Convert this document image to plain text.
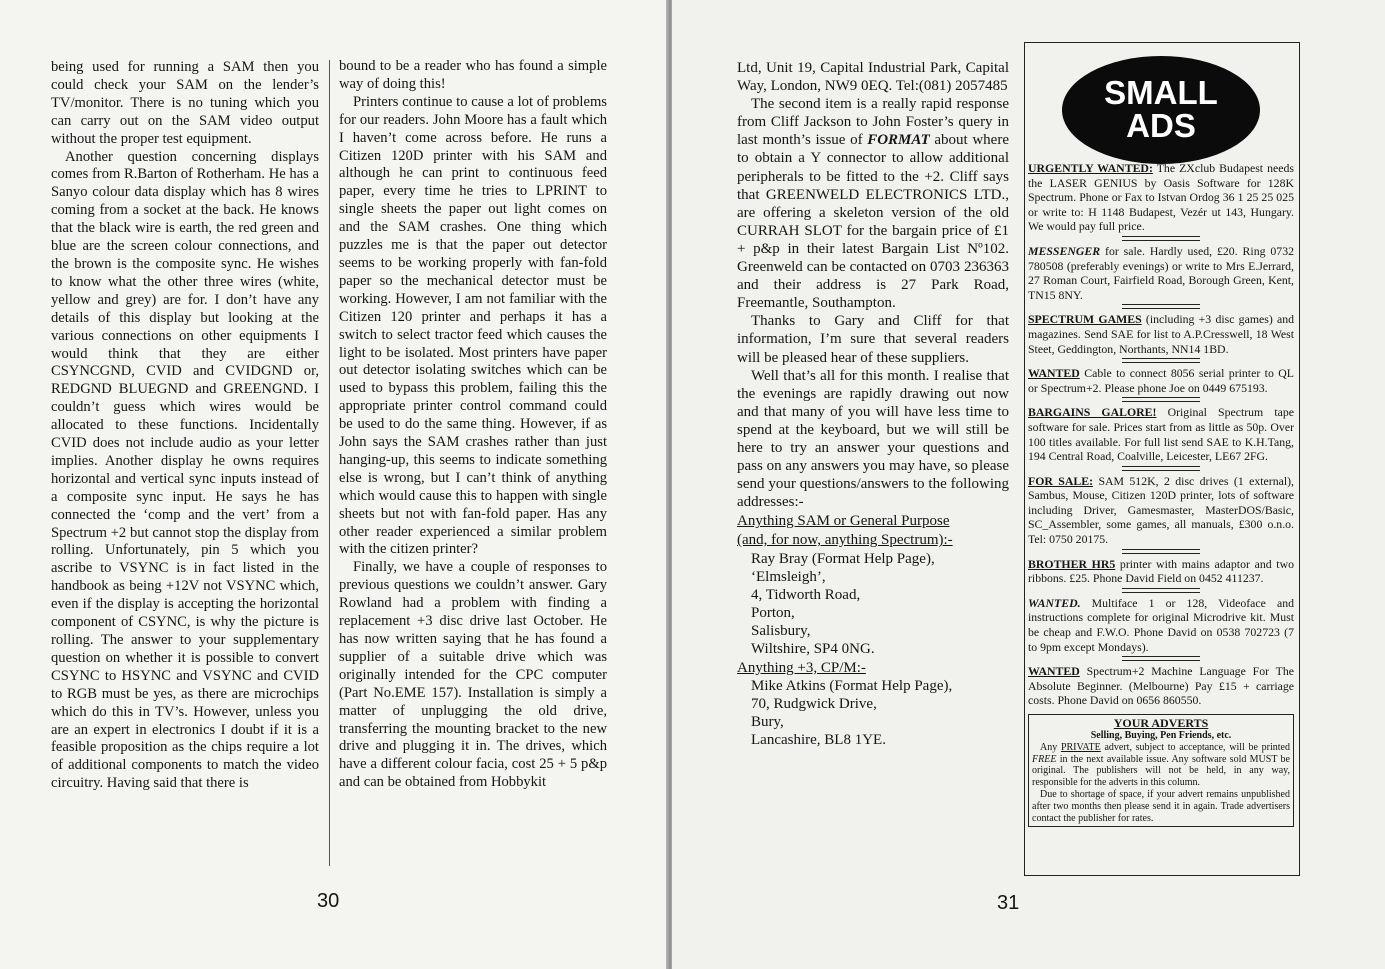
being used for running a SAM then you could check your SAM on the lender’s TV/monitor. There is no tuning which you can carry out on the SAM video output without the proper test equipment.

Another question concerning displays comes from R.Barton of Rotherham. He has a Sanyo colour data display which has 8 wires coming from a socket at the back. He knows that the black wire is earth, the red green and blue are the screen colour connections, and the brown is the composite sync. He wishes to know what the other three wires (white, yellow and grey) are for. I don’t have any details of this display but looking at the various connections on other equipments I would think that they are either CSYNCGND, CVID and CVIDGND or, REDGND BLUEGND and GREENGND. I couldn’t guess which wires would be allocated to these functions. Incidentally CVID does not include audio as your letter implies. Another display he owns requires horizontal and vertical sync inputs instead of a composite sync input. He says he has connected the ‘comp and the vert’ from a Spectrum +2 but cannot stop the display from rolling. Unfortunately, pin 5 which you ascribe to VSYNC is in fact listed in the handbook as being +12V not VSYNC which, even if the display is accepting the horizontal component of CSYNC, is why the picture is rolling. The answer to your supplementary question on whether it is possible to convert CSYNC to HSYNC and VSYNC and CVID to RGB must be yes, as there are microchips which do this in TV’s. However, unless you are an expert in electronics I doubt if it is a feasible proposition as the chips require a lot of additional components to match the video circuitry. Having said that there is

bound to be a reader who has found a simple way of doing this!

Printers continue to cause a lot of problems for our readers. John Moore has a fault which I haven’t come across before. He runs a Citizen 120D printer with his SAM and although he can print to continuous feed paper, every time he tries to LPRINT to single sheets the paper out light comes on and the SAM crashes. One thing which puzzles me is that the paper out detector seems to be working properly with fan-fold paper so the mechanical detector must be working. However, I am not familiar with the Citizen 120 printer and perhaps it has a switch to select tractor feed which causes the light to be isolated. Most printers have paper out detector isolating switches which can be used to bypass this problem, failing this the appropriate printer control command could be used to do the same thing. However, if as John says the SAM crashes rather than just hanging-up, this seems to indicate something else is wrong, but I can’t think of anything which would cause this to happen with single sheets but not with fan-fold paper. Has any other reader experienced a similar problem with the citizen printer?

Finally, we have a couple of responses to previous questions we couldn’t answer. Gary Rowland had a problem with finding a replacement +3 disc drive last October. He has now written saying that he has found a supplier of a suitable drive which was originally intended for the CPC computer (Part No.EME 157). Installation is simply a matter of unplugging the old drive, transferring the mounting bracket to the new drive and plugging it in. The drives, which have a different colour facia, cost 25 + 5 p&p and can be obtained from Hobbykit

30

Ltd, Unit 19, Capital Industrial Park, Capital Way, London, NW9 0EQ. Tel:(081) 2057485

The second item is a really rapid response from Cliff Jackson to John Foster’s query in last month’s issue of FORMAT about where to obtain a Y connector to allow additional peripherals to be fitted to the +2. Cliff says that GREENWELD ELECTRONICS LTD., are offering a skeleton version of the old CURRAH SLOT for the bargain price of £1 + p&p in their latest Bargain List Nº102. Greenweld can be contacted on 0703 236363 and their address is 27 Park Road, Freemantle, Southampton.

Thanks to Gary and Cliff for that information, I’m sure that several readers will be pleased hear of these suppliers.

Well that’s all for this month. I realise that the evenings are rapidly drawing out now and that many of you will have less time to spend at the keyboard, but we will still be here to try an answer your questions and pass on any answers you may have, so please send your questions/answers to the following addresses:-

Anything SAM or General Purpose

(and, for now, anything Spectrum):-

Ray Bray (Format Help Page),

‘Elmsleigh’,

4, Tidworth Road,

Porton,

Salisbury,

Wiltshire, SP4 0NG.

Anything +3, CP/M:-

Mike Atkins (Format Help Page),

70, Rudgwick Drive,

Bury,

Lancashire, BL8 1YE.

SMALL
ADS

URGENTLY WANTED: The ZXclub Budapest needs the LASER GENIUS by Oasis Software for 128K Spectrum. Phone or Fax to Istvan Ordog 36 1 25 25 025 or write to: H 1148 Budapest, Vezér ut 143, Hungary. We would pay full price.

MESSENGER for sale. Hardly used, £20. Ring 0732 780508 (preferably evenings) or write to Mrs E.Jerrard, 27 Roman Court, Fairfield Road, Borough Green, Kent, TN15 8NY.

SPECTRUM GAMES (including +3 disc games) and magazines. Send SAE for list to A.P.Cresswell, 18 West Steet, Geddington, Northants, NN14 1BD.

WANTED Cable to connect 8056 serial printer to QL or Spectrum+2. Please phone Joe on 0449 675193.

BARGAINS GALORE! Original Spectrum tape software for sale. Prices start from as little as 50p. Over 100 titles available. For full list send SAE to K.H.Tang, 194 Central Road, Coalville, Leicester, LE67 2FG.

FOR SALE: SAM 512K, 2 disc drives (1 external), Sambus, Mouse, Citizen 120D printer, lots of software including Driver, Gamesmaster, MasterDOS/Basic, SC_Assembler, some games, all manuals, £300 o.n.o. Tel: 0750 20175.

BROTHER HR5 printer with mains adaptor and two ribbons. £25. Phone David Field on 0452 411237.

WANTED. Multiface 1 or 128, Videoface and instructions complete for original Microdrive kit. Must be cheap and F.W.O. Phone David on 0538 702723 (7 to 9pm except Mondays).

WANTED Spectrum+2 Machine Language For The Absolute Beginner. (Melbourne) Pay £15 + carriage costs. Phone David on 0656 860550.

YOUR ADVERTS
Selling, Buying, Pen Friends, etc.

Any PRIVATE advert, subject to acceptance, will be printed FREE in the next available issue. Any software sold MUST be original. The publishers will not be held, in any way, responsible for the adverts in this column.

Due to shortage of space, if your advert remains unpublished after two months then please send it in again. Trade advertisers contact the publisher for rates.

31
